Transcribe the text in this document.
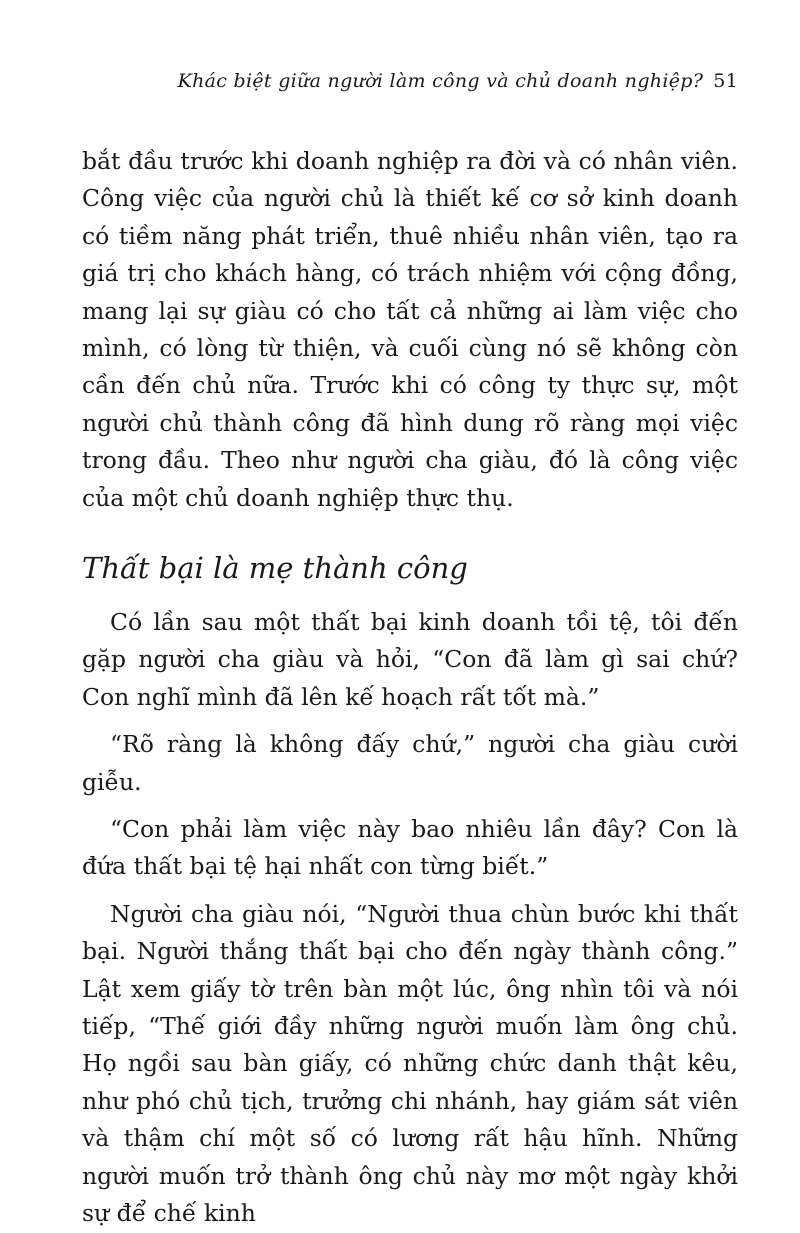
Khác biệt giữa người làm công và chủ doanh nghiệp? 51

bắt đầu trước khi doanh nghiệp ra đời và có nhân viên. Công việc của người chủ là thiết kế cơ sở kinh doanh có tiềm năng phát triển, thuê nhiều nhân viên, tạo ra giá trị cho khách hàng, có trách nhiệm với cộng đồng, mang lại sự giàu có cho tất cả những ai làm việc cho mình, có lòng từ thiện, và cuối cùng nó sẽ không còn cần đến chủ nữa. Trước khi có công ty thực sự, một người chủ thành công đã hình dung rõ ràng mọi việc trong đầu. Theo như người cha giàu, đó là công việc của một chủ doanh nghiệp thực thụ.

Thất bại là mẹ thành công

Có lần sau một thất bại kinh doanh tồi tệ, tôi đến gặp người cha giàu và hỏi, “Con đã làm gì sai chứ? Con nghĩ mình đã lên kế hoạch rất tốt mà.”

“Rõ ràng là không đấy chứ,” người cha giàu cười giễu.

“Con phải làm việc này bao nhiêu lần đây? Con là đứa thất bại tệ hại nhất con từng biết.”

Người cha giàu nói, “Người thua chùn bước khi thất bại. Người thắng thất bại cho đến ngày thành công.” Lật xem giấy tờ trên bàn một lúc, ông nhìn tôi và nói tiếp, “Thế giới đầy những người muốn làm ông chủ. Họ ngồi sau bàn giấy, có những chức danh thật kêu, như phó chủ tịch, trưởng chi nhánh, hay giám sát viên và thậm chí một số có lương rất hậu hĩnh. Những người muốn trở thành ông chủ này mơ một ngày khởi sự để chế kinh
